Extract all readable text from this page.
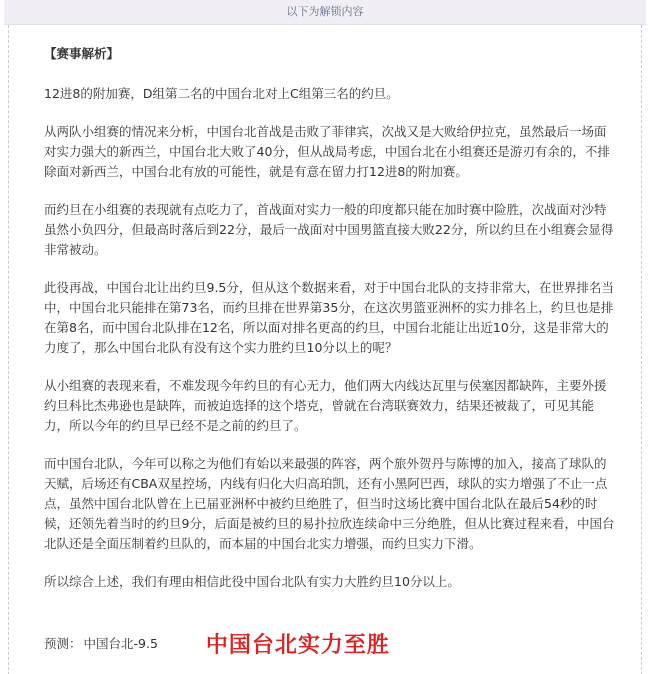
以下为解锁内容

【赛事解析】

12进8的附加赛，D组第二名的中国台北对上C组第三名的约旦。

从两队小组赛的情况来分析，中国台北首战是击败了菲律宾，次战又是大败给伊拉克，虽然最后一场面对实力强大的新西兰，中国台北大败了40分，但从战局考虑，中国台北在小组赛还是游刃有余的，不排除面对新西兰，中国台北有放的可能性，就是有意在留力打12进8的附加赛。

而约旦在小组赛的表现就有点吃力了，首战面对实力一般的印度都只能在加时赛中险胜，次战面对沙特虽然小负四分，但最高时落后到22分，最后一战面对中国男篮直接大败22分，所以约旦在小组赛会显得非常被动。

此役再战，中国台北让出约旦9.5分，但从这个数据来看，对于中国台北队的支持非常大，在世界排名当中，中国台北只能排在第73名，而约旦排在世界第35分，在这次男篮亚洲杯的实力排名上，约旦也是排在第8名，而中国台北队排在12名，所以面对排名更高的约旦，中国台北能让出近10分，这是非常大的力度了，那么中国台北队有没有这个实力胜约旦10分以上的呢？

从小组赛的表现来看，不难发现今年约旦的有心无力，他们两大内线达瓦里与侯塞因都缺阵，主要外援约旦科比杰弗逊也是缺阵，而被迫选择的这个塔克，曾就在台湾联赛效力，结果还被裁了，可见其能力，所以今年的约旦早已经不是之前的约旦了。

而中国台北队，今年可以称之为他们有始以来最强的阵容，两个旅外贺丹与陈博的加入，接高了球队的天赋，后场还有CBA双星控场，内线有归化大归高珀凯，还有小黑阿巴西，球队的实力增强了不止一点点，虽然中国台北队曾在上已届亚洲杯中被约旦绝胜了，但当时这场比赛中国台北队在最后54秒的时候，还领先着当时的约旦9分，后面是被约旦的易扑拉欣连续命中三分绝胜，但从比赛过程来看，中国台北队还是全面压制着约旦队的，而本届的中国台北实力增强，而约旦实力下滑。

所以综合上述，我们有理由相信此役中国台北队有实力大胜约旦10分以上。

预测： 中国台北-9.5 中国台北实力至胜
